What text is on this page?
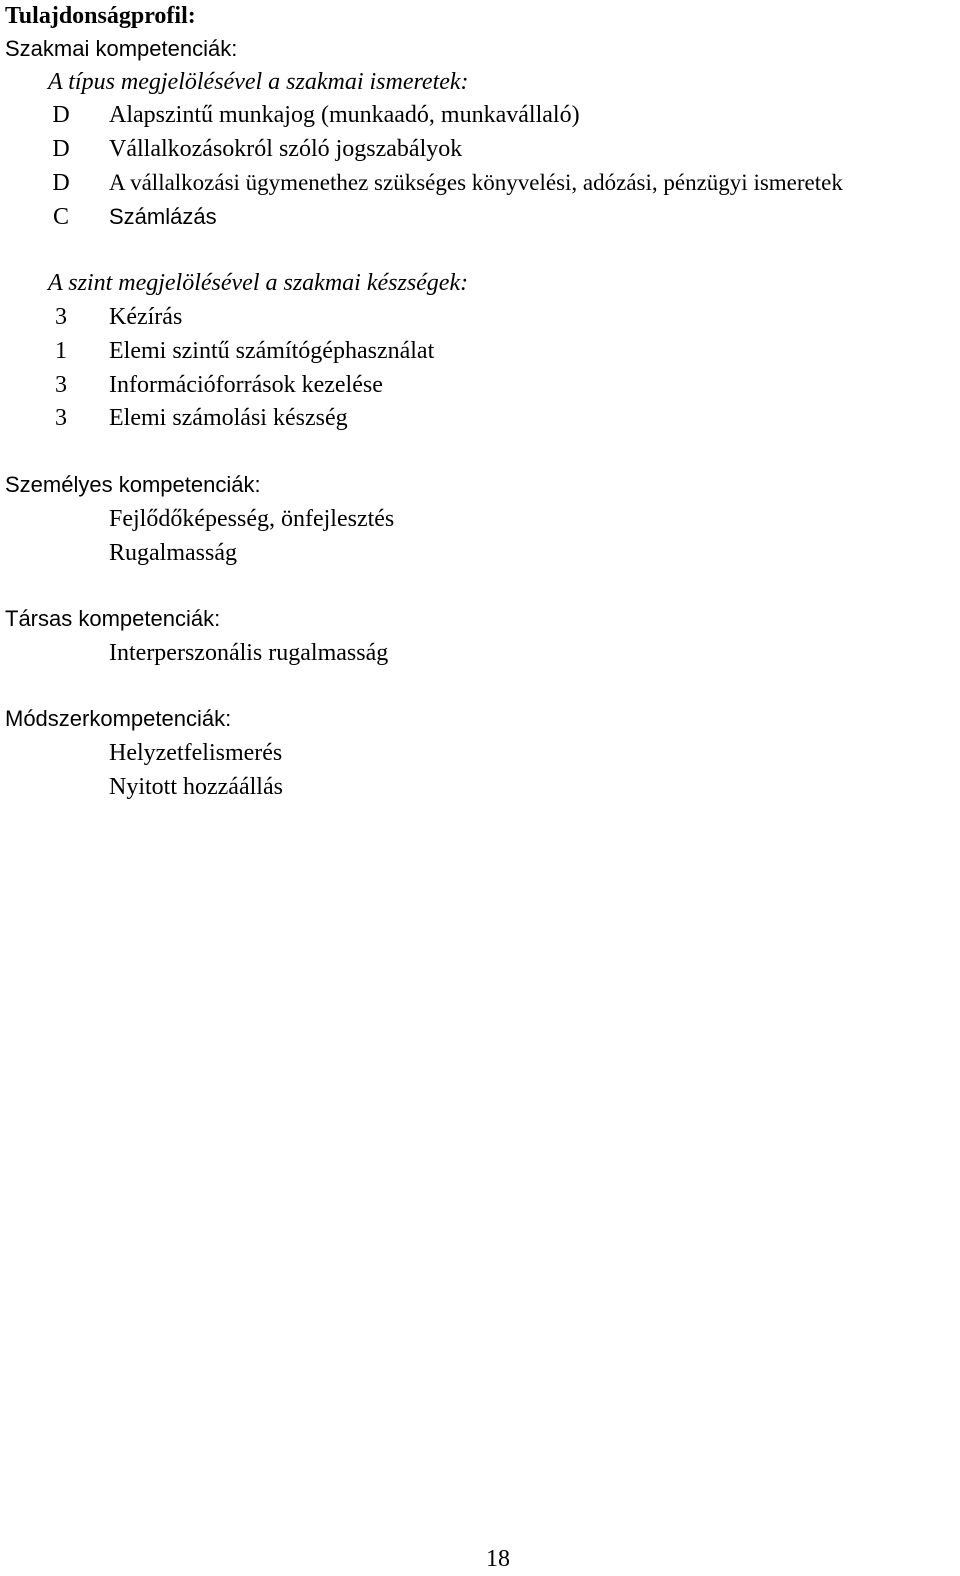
Tulajdonságprofil:
Szakmai kompetenciák:
A típus megjelölésével a szakmai ismeretek:
D	Alapszintű munkajog (munkaadó, munkavállaló)
D	Vállalkozásokról szóló jogszabályok
D	A vállalkozási ügymenethez szükséges könyvelési, adózási, pénzügyi ismeretek
C	Számlázás
A szint megjelölésével a szakmai készségek:
3	Kézírás
1	Elemi szintű számítógéphasználat
3	Információforrások kezelése
3	Elemi számolási készség
Személyes kompetenciák:
Fejlődőképesség, önfejlesztés
Rugalmasság
Társas kompetenciák:
Interperszonális rugalmasság
Módszerkompetenciák:
Helyzetfelismerés
Nyitott hozzáállás
18
